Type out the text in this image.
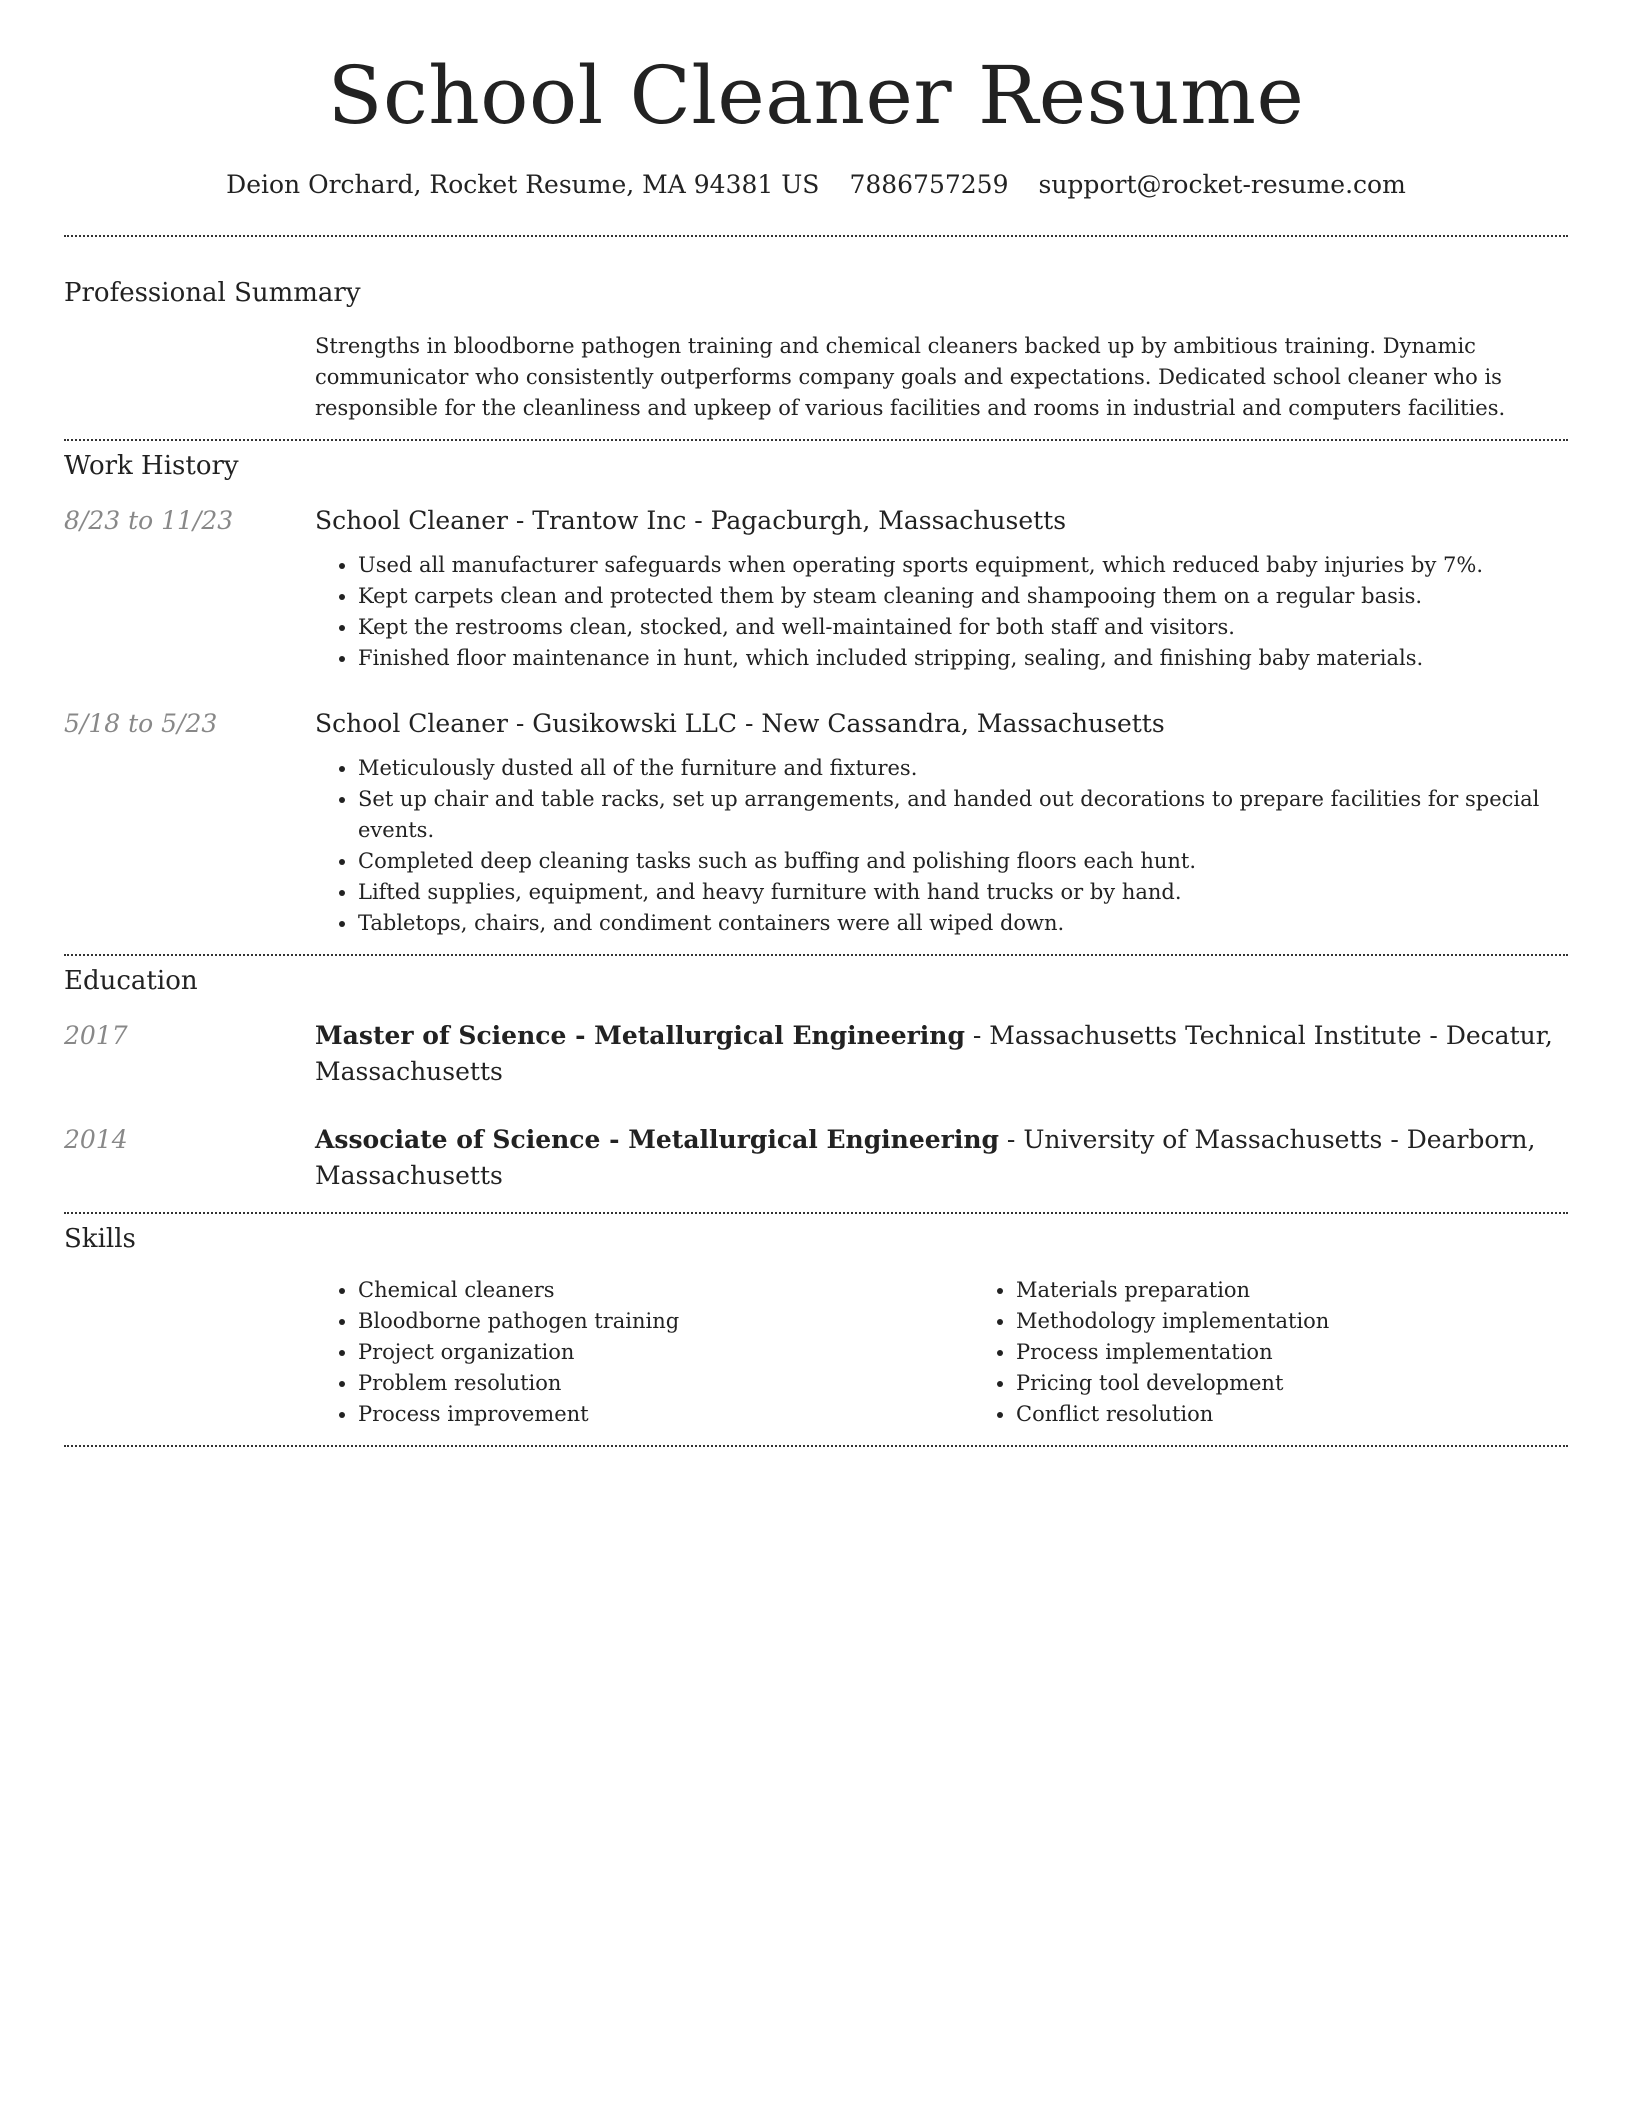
School Cleaner Resume
Deion Orchard, Rocket Resume, MA 94381 US 7886757259 support@rocket-resume.com
Professional Summary
Strengths in bloodborne pathogen training and chemical cleaners backed up by ambitious training. Dynamic communicator who consistently outperforms company goals and expectations. Dedicated school cleaner who is responsible for the cleanliness and upkeep of various facilities and rooms in industrial and computers facilities.
Work History
8/23 to 11/23	School Cleaner - Trantow Inc - Pagacburgh, Massachusetts
• Used all manufacturer safeguards when operating sports equipment, which reduced baby injuries by 7%.
• Kept carpets clean and protected them by steam cleaning and shampooing them on a regular basis.
• Kept the restrooms clean, stocked, and well-maintained for both staff and visitors.
• Finished floor maintenance in hunt, which included stripping, sealing, and finishing baby materials.
5/18 to 5/23	School Cleaner - Gusikowski LLC - New Cassandra, Massachusetts
• Meticulously dusted all of the furniture and fixtures.
• Set up chair and table racks, set up arrangements, and handed out decorations to prepare facilities for special events.
• Completed deep cleaning tasks such as buffing and polishing floors each hunt.
• Lifted supplies, equipment, and heavy furniture with hand trucks or by hand.
• Tabletops, chairs, and condiment containers were all wiped down.
Education
2017	Master of Science - Metallurgical Engineering - Massachusetts Technical Institute - Decatur, Massachusetts
2014	Associate of Science - Metallurgical Engineering - University of Massachusetts - Dearborn, Massachusetts
Skills
• Chemical cleaners
• Bloodborne pathogen training
• Project organization
• Problem resolution
• Process improvement
• Materials preparation
• Methodology implementation
• Process implementation
• Pricing tool development
• Conflict resolution
